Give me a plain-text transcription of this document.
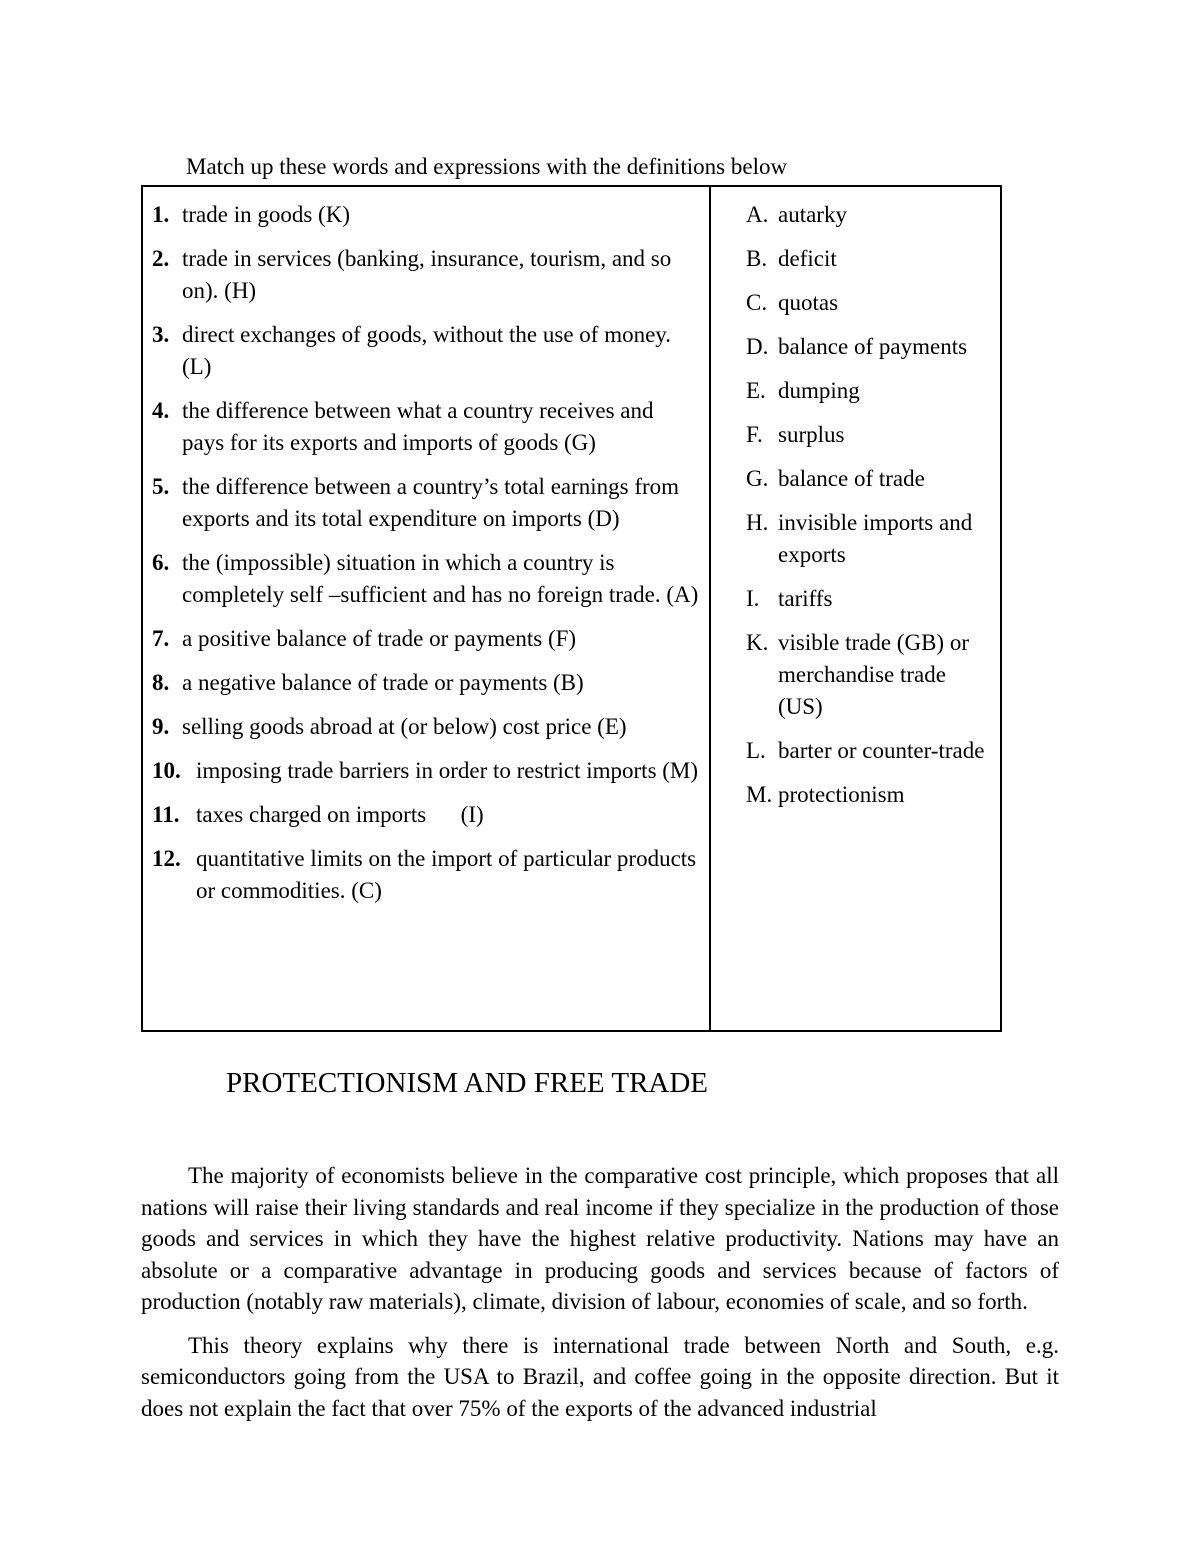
Match up these words and expressions with the definitions below
1. trade in goods (K)
2. trade in services (banking, insurance, tourism, and so on). (H)
3. direct exchanges of goods, without the use of money. (L)
4. the difference between what a country receives and pays for its exports and imports of goods (G)
5. the difference between a country’s total earnings from exports and its total expenditure on imports (D)
6. the (impossible) situation in which a country is completely self –sufficient and has no foreign trade. (A)
7. a positive balance of trade or payments (F)
8. a negative balance of trade or payments (B)
9. selling goods abroad at (or below) cost price (E)
10. imposing trade barriers in order to restrict imports (M)
11. taxes charged on imports      (I)
12. quantitative limits on the import of particular products or commodities. (C)
A. autarky
B. deficit
C. quotas
D. balance of payments
E. dumping
F. surplus
G. balance of trade
H. invisible imports and exports
I. tariffs
K. visible trade (GB) or merchandise trade (US)
L. barter or counter-trade
M. protectionism
PROTECTIONISM AND FREE TRADE

The majority of economists believe in the comparative cost principle, which proposes that all nations will raise their living standards and real income if they specialize in the production of those goods and services in which they have the highest relative productivity. Nations may have an absolute or a comparative advantage in producing goods and services because of factors of production (notably raw materials), climate, division of labour, economies of scale, and so forth.

This theory explains why there is international trade between North and South, e.g. semiconductors going from the USA to Brazil, and coffee going in the opposite direction. But it does not explain the fact that over 75% of the exports of the advanced industrial
